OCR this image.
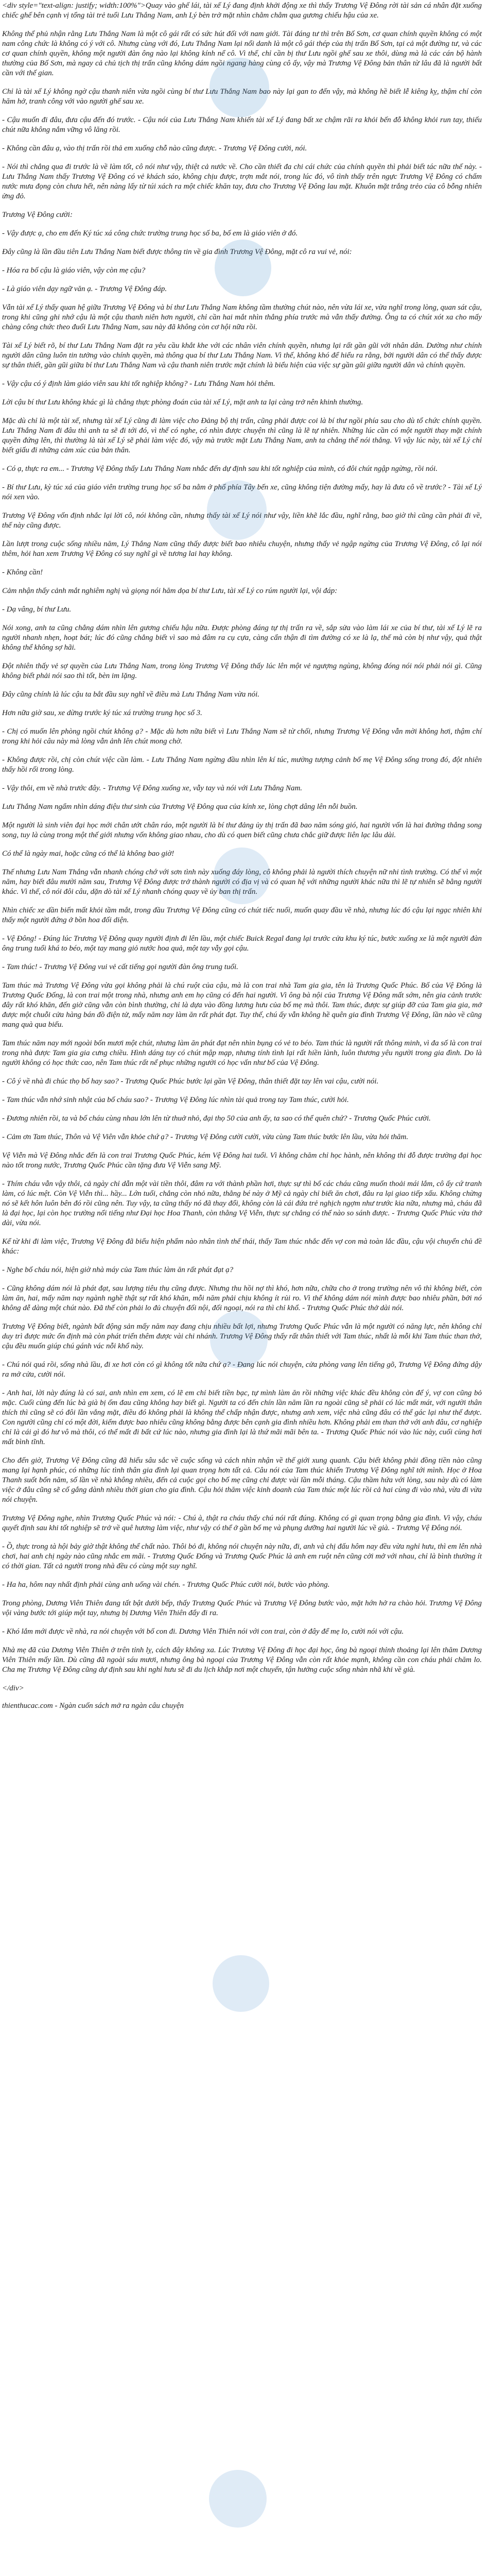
<div style="text-align: justify; width:100%">Quay vào ghế lái, tài xế Lý đang định khởi động xe thì thấy Trương Vệ Đông rời tài sản cá nhân đặt xuống chiếc ghế bên cạnh vị tổng tài trẻ tuổi Lưu Thắng Nam, anh Lý bèn trở mặt nhìn chằm chằm qua gương chiếu hậu của xe.

Không thể phủ nhận rằng Lưu Thắng Nam là một cô gái rất có sức hút đối với nam giới. Tài đáng tư thì trên Bố Sơn, cơ quan chính quyền không có một nam công chức là không có ý với cô. Nhưng cùng với đó, Lưu Thắng Nam lại nổi danh là một cô gái thép của thị trấn Bố Sơn, tại cả một đường tư, và các cơ quan chính quyền, không một người đàn ông nào lại không kính nể cô. Vì thế, chỉ cần bị thư Lưu ngồi ghế sau xe thôi, dùng mà là các cán bộ hành thường của Bố Sơn, mà ngay cả chủ tịch thị trấn cũng không dám ngồi ngang hàng cùng cô ấy, vậy mà Trương Vệ Đông bản thân từ lâu đã là người bất cần với thế gian.

Chỉ là tài xế Lý không ngờ cậu thanh niên vừa ngồi cùng bí thư Lưu Thắng Nam bao này lại gan to đến vậy, mà không hề biết lễ kiêng kỵ, thậm chí còn hăm hở, tranh công với vào người ghế sau xe.

- Cậu muốn đi đâu, đưa cậu đến đó trước. - Cậu nói của Lưu Thắng Nam khiến tài xế Lý đang bất xe chậm rãi ra khỏi bến đỗ không khỏi run tay, thiếu chút nữa không nắm vững vô lăng rồi.

- Không cần đâu ạ, vào thị trấn rồi thả em xuống chỗ nào cũng được. - Trương Vệ Đông cười, nói.

- Nói thì chẳng qua đi trước là về làm tốt, cô nói như vậy, thiệt cả nước về. Cho cần thiết đa chi cái chức của chính quyền thì phải biết tác nữa thế này. - Lưu Thắng Nam thấy Trương Vệ Đông có vẻ khách sáo, không chịu được, trợn mắt nói, trong lúc đó, vô tình thấy trên ngực Trương Vệ Đông có chấm nước mưa đọng còn chưa hết, nên nàng lấy từ túi xách ra một chiếc khăn tay, đưa cho Trương Vệ Đông lau mặt. Khuôn mặt trắng trẻo của cô bỗng nhiên ửng đỏ.

Trương Vệ Đông cười:

- Vậy được ạ, cho em đến Ký túc xá công chức trường trung học số ba, bố em là giáo viên ở đó.

Đây cũng là lần đầu tiên Lưu Thắng Nam biết được thông tin về gia đình Trương Vệ Đông, mặt cô ra vui vẻ, nói:

- Hóa ra bố cậu là giáo viên, vậy còn mẹ cậu?

- Là giáo viên dạy ngữ văn ạ. - Trương Vệ Đông đáp.

Vẫn tài xế Lý thấy quan hệ giữa Trương Vệ Đông và bí thư Lưu Thắng Nam không tầm thường chút nào, nên vừa lái xe, vừa nghĩ trong lòng, quan sát cậu, trong khi cũng ghi nhớ cậu là một cậu thanh niên hơn người, chỉ cần hai mắt nhìn thẳng phía trước mà vẫn thấy đường. Ông ta có chút xót xa cho mấy chàng công chức theo đuổi Lưu Thắng Nam, sau này đã không còn cơ hội nữa rồi.

Tài xế Lý biết rõ, bí thư Lưu Thắng Nam đặt ra yêu cầu khắt khe với các nhân viên chính quyền, nhưng lại rất gần gũi với nhân dân. Dường như chính người dân cũng luôn tin tưởng vào chính quyền, mà thông qua bí thư Lưu Thắng Nam. Vì thế, không khó để hiểu ra rằng, bởi người dân có thể thấy được sự thân thiết, gần gũi giữa bí thư Lưu Thắng Nam và cậu thanh niên trước mặt chính là biểu hiện của việc sự gần gũi giữa người dân và chính quyền.

- Vậy cậu có ý định làm giáo viên sau khi tốt nghiệp không? - Lưu Thắng Nam hỏi thêm.

Lời cậu bí thư Lưu không khác gì là chẳng thực phòng đoán của tài xế Lý, mặt anh ta lại càng trở nên khinh thường.

Mặc dù chỉ là một tài xế, nhưng tài xế Lý cũng đi làm việc cho Đảng bộ thị trấn, cũng phải được coi là bí thư ngồi phía sau cho dù tổ chức chính quyền. Lưu Thắng Nam đi đâu thì anh ta sẽ đi tới đó, vì thế có nghe, có nhìn được chuyện thì cũng là lẽ tự nhiên. Những lúc cần có một người thay mặt chính quyền đứng lên, thì thường là tài xế Lý sẽ phải làm việc đó, vậy mà trước mặt Lưu Thắng Nam, anh ta chẳng thể nói thẳng. Vì vậy lúc này, tài xế Lý chỉ biết giấu đi những cảm xúc của bản thân.

- Có ạ, thực ra em... - Trương Vệ Đông thấy Lưu Thắng Nam nhắc đến dự định sau khi tốt nghiệp của mình, có đôi chút ngập ngừng, rồi nói.

- Bí thư Lưu, kỳ túc xá của giáo viên trường trung học số ba nằm ở phố phía Tây bến xe, cũng không tiện đường mấy, hay là đưa cô về trước? - Tài xế Lý nói xen vào.

Trương Vệ Đông vốn định nhắc lại lời cô, nói không cần, nhưng thấy tài xế Lý nói như vậy, liền khẽ lắc đầu, nghĩ rằng, bao giờ thì cũng cần phải đi về, thế này cũng được.

Lần lượt trong cuộc sống nhiều năm, Lý Thắng Nam cũng thấy được biết bao nhiêu chuyện, nhưng thấy vẻ ngập ngừng của Trương Vệ Đông, cô lại nói thêm, hỏi han xem Trương Vệ Đông có suy nghĩ gì về tương lai hay không.

- Không cần!

Cảm nhận thấy cảnh mắt nghiêm nghị và giọng nói hăm dọa bí thư Lưu, tài xế Lý co rúm người lại, vội đáp:

- Dạ vâng, bí thư Lưu.

Nói xong, anh ta cũng chẳng dám nhìn lên gương chiếu hậu nữa. Được phòng đáng tự thị trấn ra về, sắp sửa vào làm lái xe của bí thư, tài xế Lý lẽ ra người nhanh nhẹn, hoạt bát; lúc đó cũng chẳng biết vì sao mà đâm ra cụ cựa, càng cẩn thận đi tìm đường có xe là lạ, thế mà còn bị như vậy, quả thật không thể không sợ hãi.

Đột nhiên thấy vẻ sợ quyền của Lưu Thắng Nam, trong lòng Trương Vệ Đông thấy lúc lên một vẻ ngượng ngùng, không đóng nói nói phải nói gì. Cũng không biết phải nói sao thì tốt, bèn im lặng.

Đây cũng chính là lúc cậu ta bắt đầu suy nghĩ về điều mà Lưu Thắng Nam vừa nói.

Hơn nữa giờ sau, xe dừng trước ký túc xá trường trung học số 3.

- Chị có muốn lên phòng ngồi chút không ạ? - Mặc dù hơn nữa biết vì Lưu Thắng Nam sẽ từ chối, nhưng Trương Vệ Đông vẫn mời không hơi, thậm chí trong khi hỏi câu này mà lòng vẫn ảnh lên chút mong chờ.

- Không được rồi, chị còn chút việc cần làm. - Lưu Thắng Nam ngừng đầu nhìn lên kí túc, mường tượng cảnh bố mẹ Vệ Đông sống trong đó, đột nhiên thấy hồi rối trong lòng.

- Vậy thôi, em về nhà trước đây. - Trương Vệ Đông xuống xe, vẫy tay và nói với Lưu Thắng Nam.

Lưu Thắng Nam ngẩm nhìn dáng điệu thư sinh của Trương Vệ Đông qua của kính xe, lòng chợt dâng lên nỗi buồn.

Một người là sinh viên đại học mới chân ướt chân ráo, một người là bí thư đảng ủy thị trấn đã bao năm sóng gió, hai người vốn là hai đường thẳng song song, tuy là cùng trong một thế giới nhưng vốn không giao nhau, cho dù có quen biết cũng chưa chắc giữ được liên lạc lâu dài.

Có thể là ngày mai, hoặc cũng có thể là không bao giờ!

Thế nhưng Lưu Nam Thắng vẫn nhanh chóng chớ với sơn tình này xuống đáy lòng, cô không phải là người thích chuyện nữ nhi tình trường. Có thể vì một năm, hay biết đâu mười năm sau, Trương Vệ Đông được trở thành người có địa vị và có quan hệ với những người khác nữa thì lẽ tự nhiên sẽ bằng người khác. Vì thế, cô nói đôi câu, dặn dò tài xế Lý nhanh chóng quay về ủy ban thị trấn.

Nhìn chiếc xe dần biến mất khỏi tầm mắt, trong đầu Trương Vệ Đông cũng có chút tiếc nuối, muốn quay đầu về nhà, nhưng lúc đó cậu lại ngạc nhiên khi thấy một người đứng ở bồn hoa đối diện.

- Vệ Đông! - Đúng lúc Trương Vệ Đông quay người định đi lên lầu, một chiếc Buick Regal đang lại trước cửa khu ký túc, bước xuống xe là một người đàn ông trung tuổi khá to béo, một tay mang giỏ nước hoa quả, một tay vẫy gọi cậu.

- Tam thúc! - Trương Vệ Đông vui vẻ cất tiếng gọi người đàn ông trung tuổi.

Tam thúc mà Trương Vệ Đông vừa gọi không phải là chú ruột của cậu, mà là con trai nhà Tam gia gia, tên là Trương Quốc Phúc. Bố của Vệ Đông là Trương Quốc Đống, là con trai một trong nhà, nhưng anh em họ cũng có đến hai người. Vì ông bà nội của Trương Vệ Đông mất sớm, nên gia cảnh trước đây rất khó khăn, đến giờ cũng vẫn còn bình thường, chỉ là dựa vào đồng lương hưu của bố mẹ mà thôi. Tam thúc, được sự giúp đỡ của Tam gia gia, mở được một chuỗi cửa hàng bán đồ điện tử, mấy năm nay làm ăn rất phát đạt. Tuy thế, chú ấy vẫn không hề quên gia đình Trương Vệ Đông, lần nào về cũng mang quà qua biếu.

Tam thúc năm nay mới ngoài bốn mươi một chút, nhưng làm ăn phát đạt nên nhìn bụng có vẻ to béo. Tam thúc là người rất thông minh, vì đa số là con trai trong nhà được Tam gia gia cưng chiều. Hình dáng tuy có chút mập mạp, nhưng tính tình lại rất hiền lành, luôn thương yêu người trong gia đình. Do là người không có học thức cao, nên Tam thúc rất nể phục những người có học vấn như bố của Vệ Đông.

- Cô ý về nhà đi chúc thọ bố hay sao? - Trương Quốc Phúc bước lại gần Vệ Đông, thân thiết đặt tay lên vai cậu, cười nói.

- Tam thúc vẫn nhớ sinh nhật của bố cháu sao? - Trương Vệ Đông lúc nhìn tài quả trong tay Tam thúc, cười hỏi.

- Đương nhiên rồi, ta và bố cháu cùng nhau lớn lên từ thuở nhỏ, đại thọ 50 của anh ấy, ta sao có thể quên chứ? - Trương Quốc Phúc cười.

- Cảm ơn Tam thúc, Thôn và Vệ Viên vẫn khỏe chứ ạ? - Trương Vệ Đông cười cười, vừa cùng Tam thúc bước lên lầu, vừa hỏi thăm.

Vệ Viễn mà Vệ Đông nhắc đến là con trai Trương Quốc Phúc, kém Vệ Đông hai tuổi. Vì không chăm chỉ học hành, nên không thi đỗ được trường đại học nào tốt trong nước, Trương Quốc Phúc cần tặng đưa Vệ Viễn sang Mỹ.

- Thím cháu vẫn vậy thôi, cả ngày chỉ dẫn một vài tiền thôi, đâm ra với thành phần hơi, thực sự thì bố các cháu cũng muốn thoải mái lắm, cô ấy cứ tranh làm, có lúc mệt. Còn Vệ Viễn thì... hầy... Lớn tuổi, chẳng còn nhỏ nữa, thằng bé này ở Mỹ cả ngày chỉ biết ăn chơi, đâu ra lại giao tiếp xấu. Không chừng nó sẽ kết hôn luôn bên đó rồi cũng nên. Tuy vậy, ta cũng thấy nó đã thay đổi, không còn là cái đứa trẻ nghịch ngợm như trước kia nữa, nhưng mà, cháu đã là đại học, lại còn học trường nổi tiếng như Đại học Hoa Thanh, còn thằng Vệ Viễn, thực sự chẳng có thể nào so sánh được. - Trương Quốc Phúc vừa thở dài, vừa nói.

Kể từ khi đi làm việc, Trương Vệ Đông đã biểu hiện phẩm nào nhân tình thế thái, thấy Tam thúc nhắc đến vợ con mà toàn lắc đầu, cậu vội chuyển chủ đề khác:

- Nghe bố cháu nói, hiện giờ nhà máy của Tam thúc làm ăn rất phát đạt ạ?

- Cũng không dám nói là phát đạt, sau lượng tiêu thụ cũng được. Nhưng thu hồi nợ thì khó, hơn nữa, chữa cho ở trong trường nên vô thì không biết, còn làm ăn, hai, mấy năm nay ngành nghề thật sự rất khó khăn, mỗi năm phải chịu không ít rủi ro. Vì thế không dám nói mình được bao nhiêu phần, bởi nó không dễ dàng một chút nào. Đã thế còn phải lo đủ chuyện đối nội, đối ngoại, nói ra thì chỉ khổ. - Trương Quốc Phúc thở dài nói.

Trương Vệ Đông biết, ngành bất động sản mấy năm nay đang chịu nhiều bất lợi, nhưng Trương Quốc Phúc vẫn là một người có năng lực, nên không chỉ duy trì được mức ổn định mà còn phát triển thêm được vài chi nhánh. Trương Vệ Đông thấy rất thân thiết với Tam thúc, nhất là mỗi khi Tam thúc than thở, cậu đều muốn giúp chú gánh vác nỗi khổ này.

- Chú nói quá rồi, sống nhà lầu, đi xe hơi còn có gì không tốt nữa chứ ạ? - Đang lúc nói chuyện, cửa phòng vang lên tiếng gõ, Trương Vệ Đông đứng dậy ra mở cửa, cười nói.

- Anh hai, lời này đúng là có sai, anh nhìn em xem, có lẽ em chỉ biết tiền bạc, tự mình làm ăn rồi những việc khác đều không còn để ý, vợ con cũng bỏ mặc. Cuối cùng đến lúc bà già bị ốm đau cũng không hay biết gì. Người ta có đến chín lần năm lần ra ngoài cũng sẽ phải có lúc mất mát, với người thân thích thì cũng sẽ có đôi lần vắng mặt, điều đó không phải là không thể chấp nhận được, nhưng anh xem, việc nhà cũng đâu có thể gác lại như thế được. Con người cũng chỉ có một đời, kiếm được bao nhiêu cũng không bằng được bên cạnh gia đình nhiều hơn. Không phải em than thở với anh đâu, cơ nghiệp chỉ là cái gì đó hư vô mà thôi, có thể mất đi bất cứ lúc nào, nhưng gia đình lại là thứ mãi mãi bên ta. - Trương Quốc Phúc nói vào lúc này, cuối cùng hơi mất bình tĩnh.

Cho đến giờ, Trương Vệ Đông cũng đã hiểu sâu sắc về cuộc sống và cách nhìn nhận về thế giới xung quanh. Cậu biết không phải đồng tiền nào cũng mang lại hạnh phúc, có những lúc tình thân gia đình lại quan trọng hơn tất cả. Câu nói của Tam thúc khiến Trương Vệ Đông nghĩ tới mình. Học ở Hoa Thanh suốt bốn năm, số lần về nhà không nhiều, đến cả cuộc gọi cho bố mẹ cũng chỉ được vài lần mỗi tháng. Cậu thầm hứa với lòng, sau này dù có làm việc ở đâu cũng sẽ cố gắng dành nhiều thời gian cho gia đình. Cậu hỏi thăm việc kinh doanh của Tam thúc một lúc rồi cả hai cùng đi vào nhà, vừa đi vừa nói chuyện.

Trương Vệ Đông nghe, nhìn Trương Quốc Phúc và nói: - Chú à, thật ra cháu thấy chú nói rất đúng. Không có gì quan trọng bằng gia đình. Vì vậy, cháu quyết định sau khi tốt nghiệp sẽ trở về quê hương làm việc, như vậy có thể ở gần bố mẹ và phụng dưỡng hai người lúc về già. - Trương Vệ Đông nói.

- Ồ, thực trong tà hội bảy giờ thật không thể chất nào. Thôi bỏ đi, không nói chuyện này nữa, đi, anh và chị đấu hôm nay đều vừa nghỉ hưu, thì em lên nhà chơi, hai anh chị ngày nào cũng nhắc em mãi. - Trương Quốc Đống và Trương Quốc Phúc là anh em ruột nên cũng cởi mở với nhau, chỉ là bình thường ít có thời gian. Tất cả người trong nhà đều có cùng một suy nghĩ.

- Ha ha, hôm nay nhất định phải cùng anh uống vài chén. - Trương Quốc Phúc cười nói, bước vào phòng.

Trong phòng, Dương Viên Thiên đang tất bật dưới bếp, thấy Trương Quốc Phúc và Trương Vệ Đông bước vào, mặt hớn hở ra chào hỏi. Trương Vệ Đông vội vàng bước tới giúp một tay, nhưng bị Dương Viên Thiên đẩy đi ra.

- Khó lắm mới được về nhà, ra nói chuyện với bố con đi. Dương Viên Thiên nói với con trai, còn ở đây để mẹ lo, cười nói với cậu.

Nhà mẹ đã của Dương Viên Thiên ở trên tỉnh lỵ, cách đây không xa. Lúc Trương Vệ Đông đi học đại học, ông bà ngoại thỉnh thoảng lại lên thăm Dương Viên Thiên mấy lần. Dù cũng đã ngoài sáu mươi, nhưng ông bà ngoại của Trương Vệ Đông vẫn còn rất khỏe mạnh, không cần con cháu phải chăm lo. Cha mẹ Trương Vệ Đông cũng dự định sau khi nghỉ hưu sẽ đi du lịch khắp nơi một chuyến, tận hưởng cuộc sống nhàn nhã khi về già.

</div>

thienthucac.com - Ngàn cuốn sách mở ra ngàn câu chuyện
